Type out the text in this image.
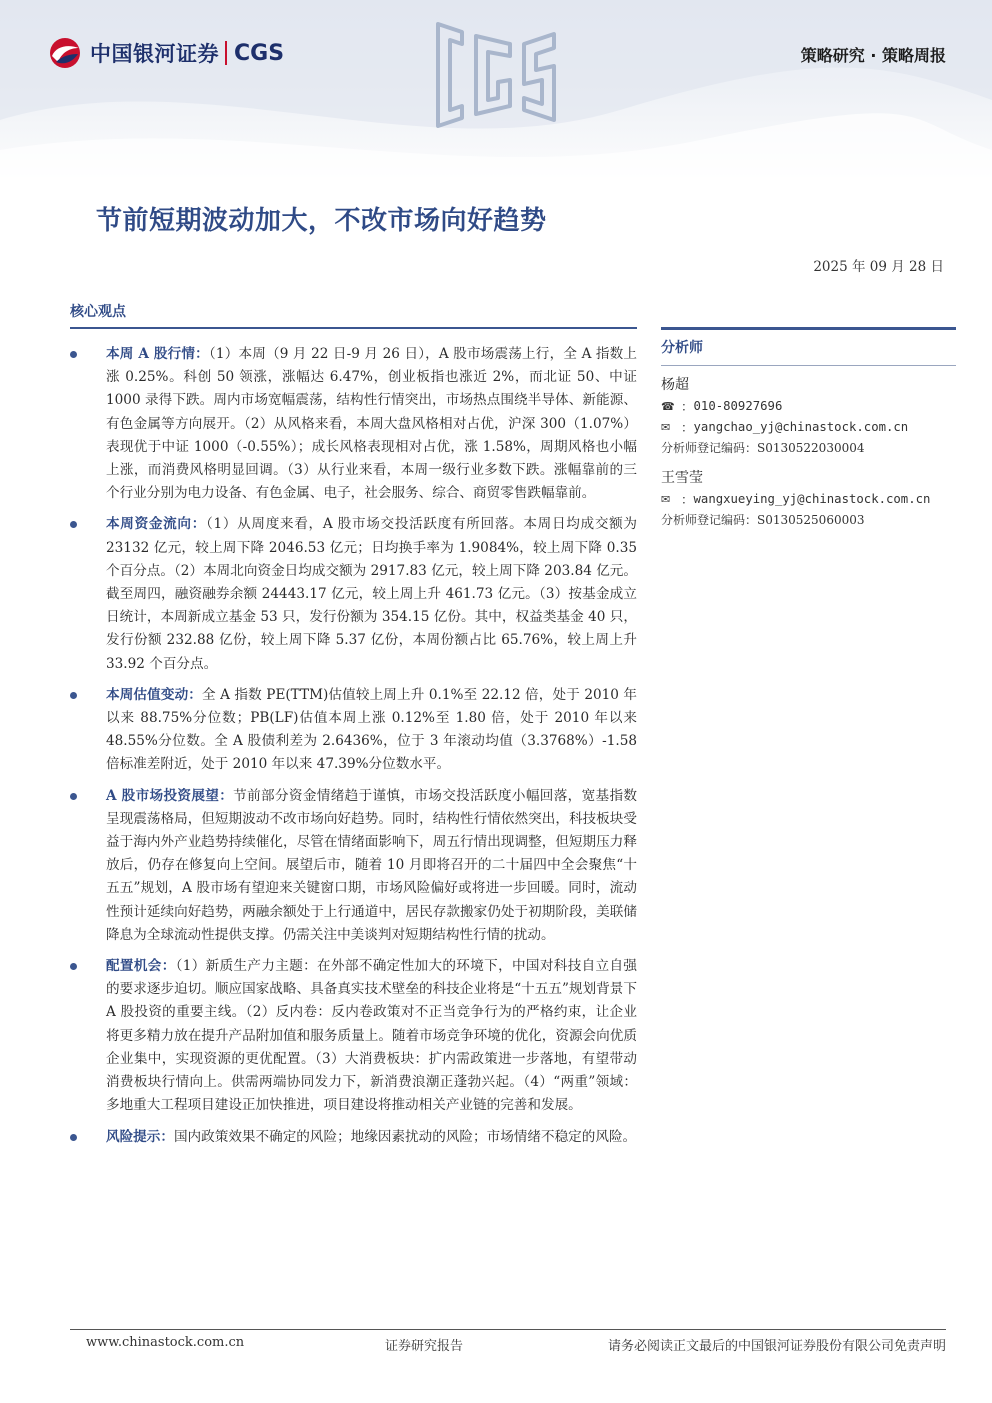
中国银河证券 CGS	策略研究 · 策略周报
节前短期波动加大，不改市场向好趋势
2025 年 09 月 28 日
核心观点
本周 A 股行情：（1）本周（9 月 22 日-9 月 26 日），A 股市场震荡上行，全 A 指数上涨 0.25%。科创 50 领涨，涨幅达 6.47%，创业板指也涨近 2%，而北证 50、中证 1000 录得下跌。周内市场宽幅震荡，结构性行情突出，市场热点围绕半导体、新能源、有色金属等方向展开。（2）从风格来看，本周大盘风格相对占优，沪深 300（1.07%）表现优于中证 1000（-0.55%）；成长风格表现相对占优，涨 1.58%，周期风格也小幅上涨，而消费风格明显回调。（3）从行业来看，本周一级行业多数下跌。涨幅靠前的三个行业分别为电力设备、有色金属、电子，社会服务、综合、商贸零售跌幅靠前。
本周资金流向：（1）从周度来看，A 股市场交投活跃度有所回落。本周日均成交额为 23132 亿元，较上周下降 2046.53 亿元；日均换手率为 1.9084%，较上周下降 0.35 个百分点。（2）本周北向资金日均成交额为 2917.83 亿元，较上周下降 203.84 亿元。截至周四，融资融券余额 24443.17 亿元，较上周上升 461.73 亿元。（3）按基金成立日统计，本周新成立基金 53 只，发行份额为 354.15 亿份。其中，权益类基金 40 只，发行份额 232.88 亿份，较上周下降 5.37 亿份，本周份额占比 65.76%，较上周上升 33.92 个百分点。
本周估值变动：全 A 指数 PE(TTM)估值较上周上升 0.1%至 22.12 倍，处于 2010 年以来 88.75%分位数；PB(LF)估值本周上涨 0.12%至 1.80 倍，处于 2010 年以来 48.55%分位数。全 A 股债利差为 2.6436%，位于 3 年滚动均值（3.3768%）-1.58 倍标准差附近，处于 2010 年以来 47.39%分位数水平。
A 股市场投资展望：节前部分资金情绪趋于谨慎，市场交投活跃度小幅回落，宽基指数呈现震荡格局，但短期波动不改市场向好趋势。同时，结构性行情依然突出，科技板块受益于海内外产业趋势持续催化，尽管在情绪面影响下，周五行情出现调整，但短期压力释放后，仍存在修复向上空间。展望后市，随着 10 月即将召开的二十届四中全会聚焦“十五五”规划，A 股市场有望迎来关键窗口期，市场风险偏好或将进一步回暖。同时，流动性预计延续向好趋势，两融余额处于上行通道中，居民存款搬家仍处于初期阶段，美联储降息为全球流动性提供支撑。仍需关注中美谈判对短期结构性行情的扰动。
配置机会：（1）新质生产力主题：在外部不确定性加大的环境下，中国对科技自立自强的要求逐步迫切。顺应国家战略、具备真实技术壁垒的科技企业将是“十五五”规划背景下 A 股投资的重要主线。（2）反内卷：反内卷政策对不正当竞争行为的严格约束，让企业将更多精力放在提升产品附加值和服务质量上。随着市场竞争环境的优化，资源会向优质企业集中，实现资源的更优配置。（3）大消费板块：扩内需政策进一步落地，有望带动消费板块行情向上。供需两端协同发力下，新消费浪潮正蓬勃兴起。（4）“两重”领域：多地重大工程项目建设正加快推进，项目建设将推动相关产业链的完善和发展。
风险提示：国内政策效果不确定的风险；地缘因素扰动的风险；市场情绪不稳定的风险。
分析师
杨超
☎ ： 010-80927696
✉ ： yangchao_yj@chinastock.com.cn
分析师登记编码：S0130522030004
王雪莹
✉ ： wangxueying_yj@chinastock.com.cn
分析师登记编码：S0130525060003
www.chinastock.com.cn	证券研究报告	请务必阅读正文最后的中国银河证券股份有限公司免责声明
